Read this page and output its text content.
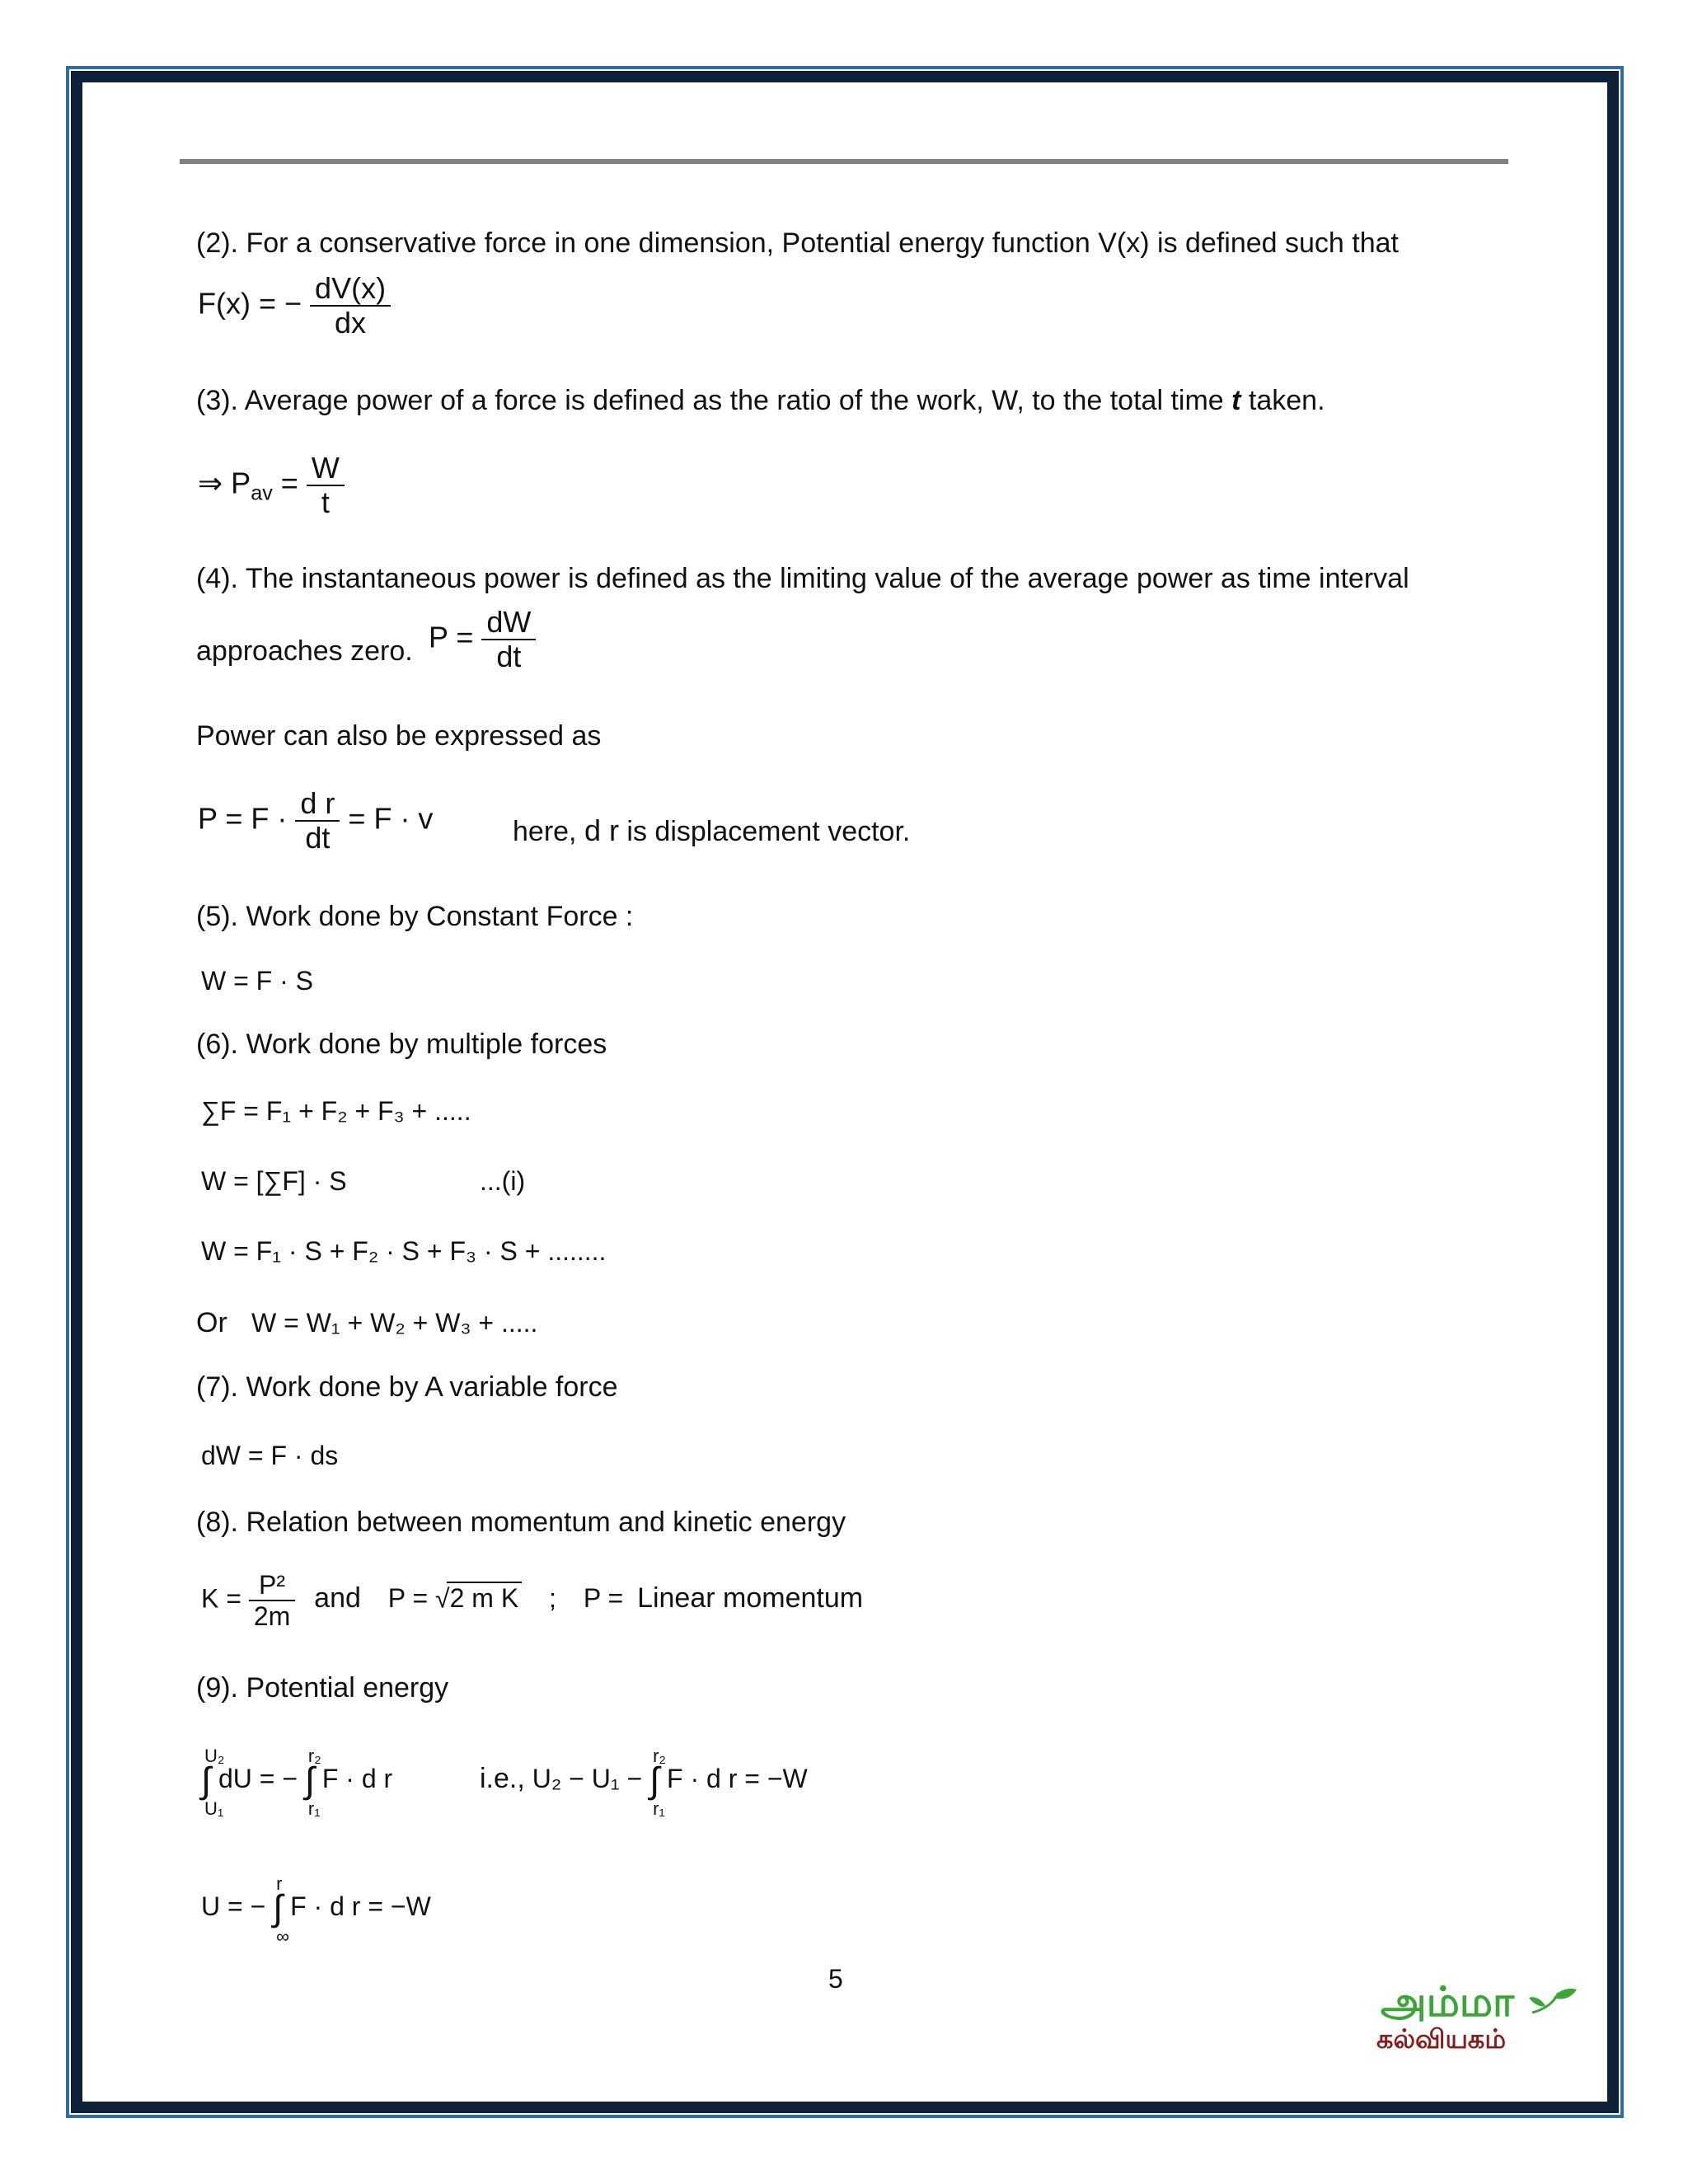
(2). For a conservative force in one dimension, Potential energy function V(x) is defined such that
F(x) = − $\frac{dV(x)}{dx}$
(3). Average power of a force is defined as the ratio of the work, W, to the total time t taken.
⇒ $P_{av} = \frac{W}{t}$
(4). The instantaneous power is defined as the limiting value of the average power as time interval
approaches zero. $P = \frac{dW}{dt}$
Power can also be expressed as
$P = F \cdot \frac{\text{d r}}{dt} = F \cdot v$	here, d r is displacement vector.
(5). Work done by Constant Force :
W = F · S
(6). Work done by multiple forces
∑F = F₁ + F₂ + F₃ + .....
W = [∑F] · S	...(i)
W = F₁ · S + F₂ · S + F₃ · S + ........
Or W = W₁ + W₂ + W₃ + .....
(7). Work done by A variable force
dW = F · ds
(8). Relation between momentum and kinetic energy
$K = \frac{\text{P²}}{2m}$ and P = √2 m K ; P = Linear momentum
(9). Potential energy
∫
U₂
U₁
dU = − ∫
r₂
r₁
F · d r	i.e., U₂ − U₁ − ∫
r₂
r₁
F · d r = −W
U = − ∫
r
∞
F · d r = −W
5	அம்மா
கல்வியகம்
